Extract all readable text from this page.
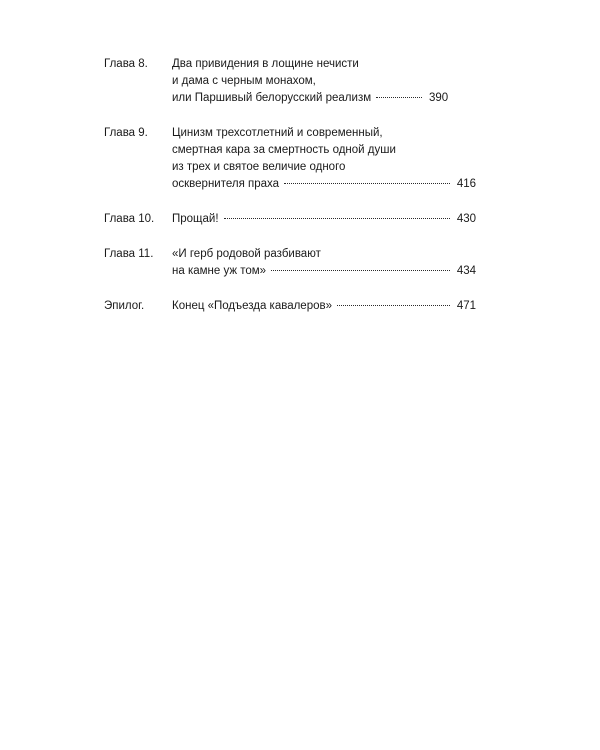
Глава 8.	Два привидения в лощине нечисти
и дама с черным монахом,
или Паршивый белорусский реализм	390
Глава 9.	Цинизм трехсотлетний и современный,
смертная кара за смертность одной души
из трех и святое величие одного
осквернителя праха	416
Глава 10.	Прощай!	430
Глава 11.	«И герб родовой разбивают
на камне уж том»	434
Эпилог.	Конец «Подъезда кавалеров»	471
